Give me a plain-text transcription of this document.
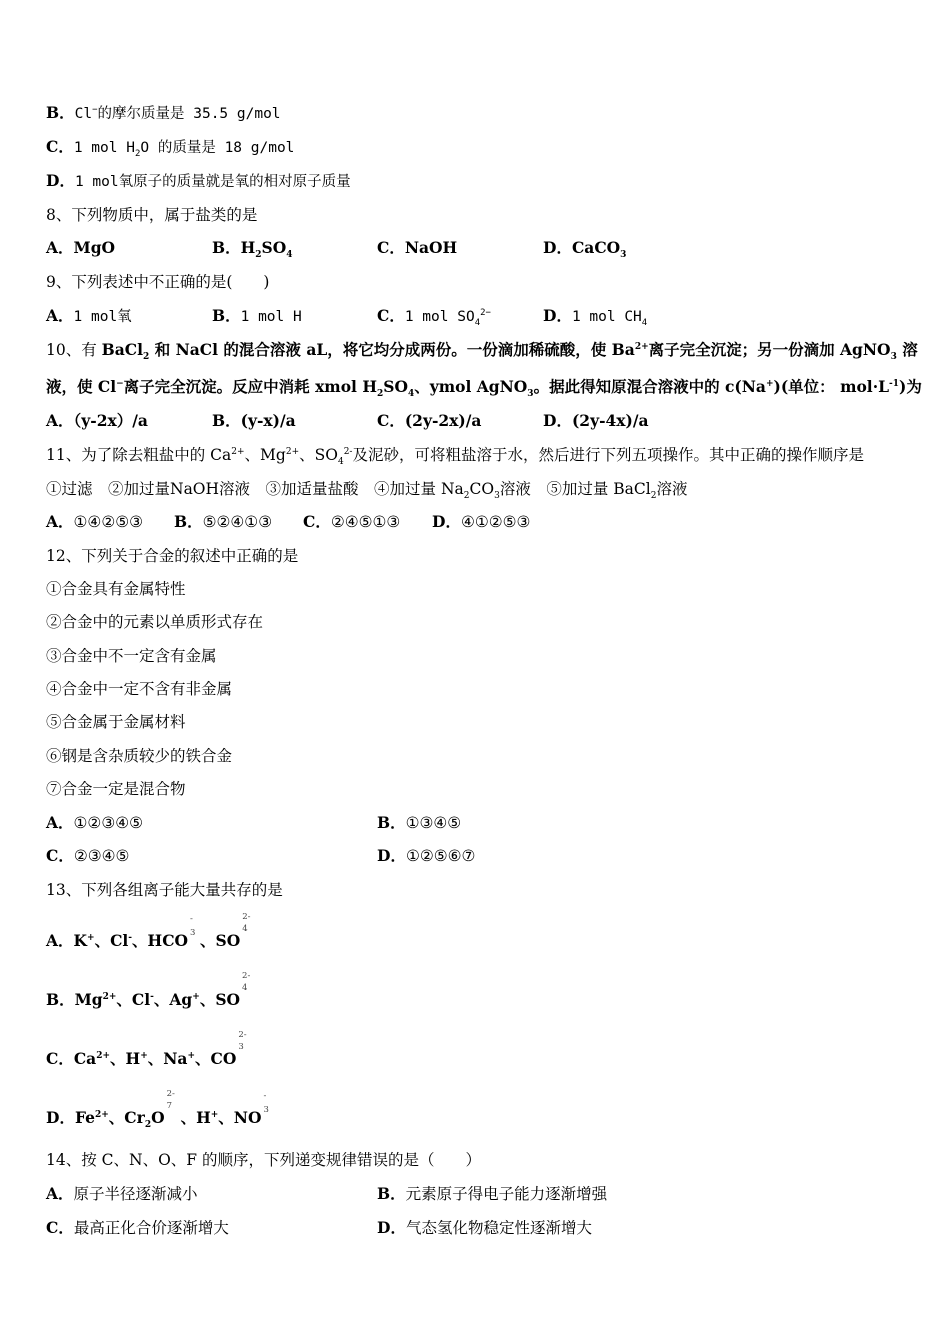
B．Cl−的摩尔质量是 35.5 g/mol
C．1 mol $H_2O$ 的质量是 18 g/mol
D．1 mol氧原子的质量就是氧的相对原子质量
8、下列物质中，属于盐类的是
A．MgO	B．$H_2SO_4$	C．NaOH	D．CaCO$_3$
9、下列表述中不正确的是(　　)
A．1 mol氧	B．1 mol H	C．1 mol $SO_4^{2-}$	D．1 mol $CH_4$
10、有 BaCl$_2$ 和 NaCl 的混合溶液 aL，将它均分成两份。一份滴加稀硫酸，使 $Ba^{2+}$离子完全沉淀；另一份滴加 AgNO$_3$ 溶
液，使 Cl−离子完全沉淀。反应中消耗 xmol $H_2SO_4$、ymol AgNO$_3$。据此得知原混合溶液中的 c(Na+)(单位： $mol\cdot L^{-1}$)为
A．（y-2x）/a	B．(y-x)/a	C．(2y-2x)/a	D．(2y-4x)/a
11、为了除去粗盐中的 $Ca^{2+}$、$Mg^{2+}$、$SO_4^{2-}$及泥砂，可将粗盐溶于水，然后进行下列五项操作。其中正确的操作顺序是
①过滤　②加过量NaOH溶液　③加适量盐酸　④加过量 $Na_2CO_3$溶液　⑤加过量 BaCl$_2$溶液
A．①④②⑤③ B．⑤②④①③ C．②④⑤①③ D．④①②⑤③
12、下列关于合金的叙述中正确的是
①合金具有金属特性
②合金中的元素以单质形式存在
③合金中不一定含有金属
④合金中一定不含有非金属
⑤合金属于金属材料
⑥钢是含杂质较少的铁合金
⑦合金一定是混合物
A．①②③④⑤	B．①③④⑤
C．②③④⑤	D．①②⑤⑥⑦
13、下列各组离子能大量共存的是
A．K+、Cl-、HCO
-
3 、SO
2-
4
B．$Mg^{2+}$、Cl-、Ag+、SO
2-
4
C．$Ca^{2+}$、H+、Na+、CO
2-
3
D．$Fe^{2+}$、$Cr_2O$
2-
7
、H+、NO
-
3
14、按 C、N、O、F 的顺序，下列递变规律错误的是（　　）
A．原子半径逐渐减小	B．元素原子得电子能力逐渐增强
C．最高正化合价逐渐增大	D．气态氢化物稳定性逐渐增大
